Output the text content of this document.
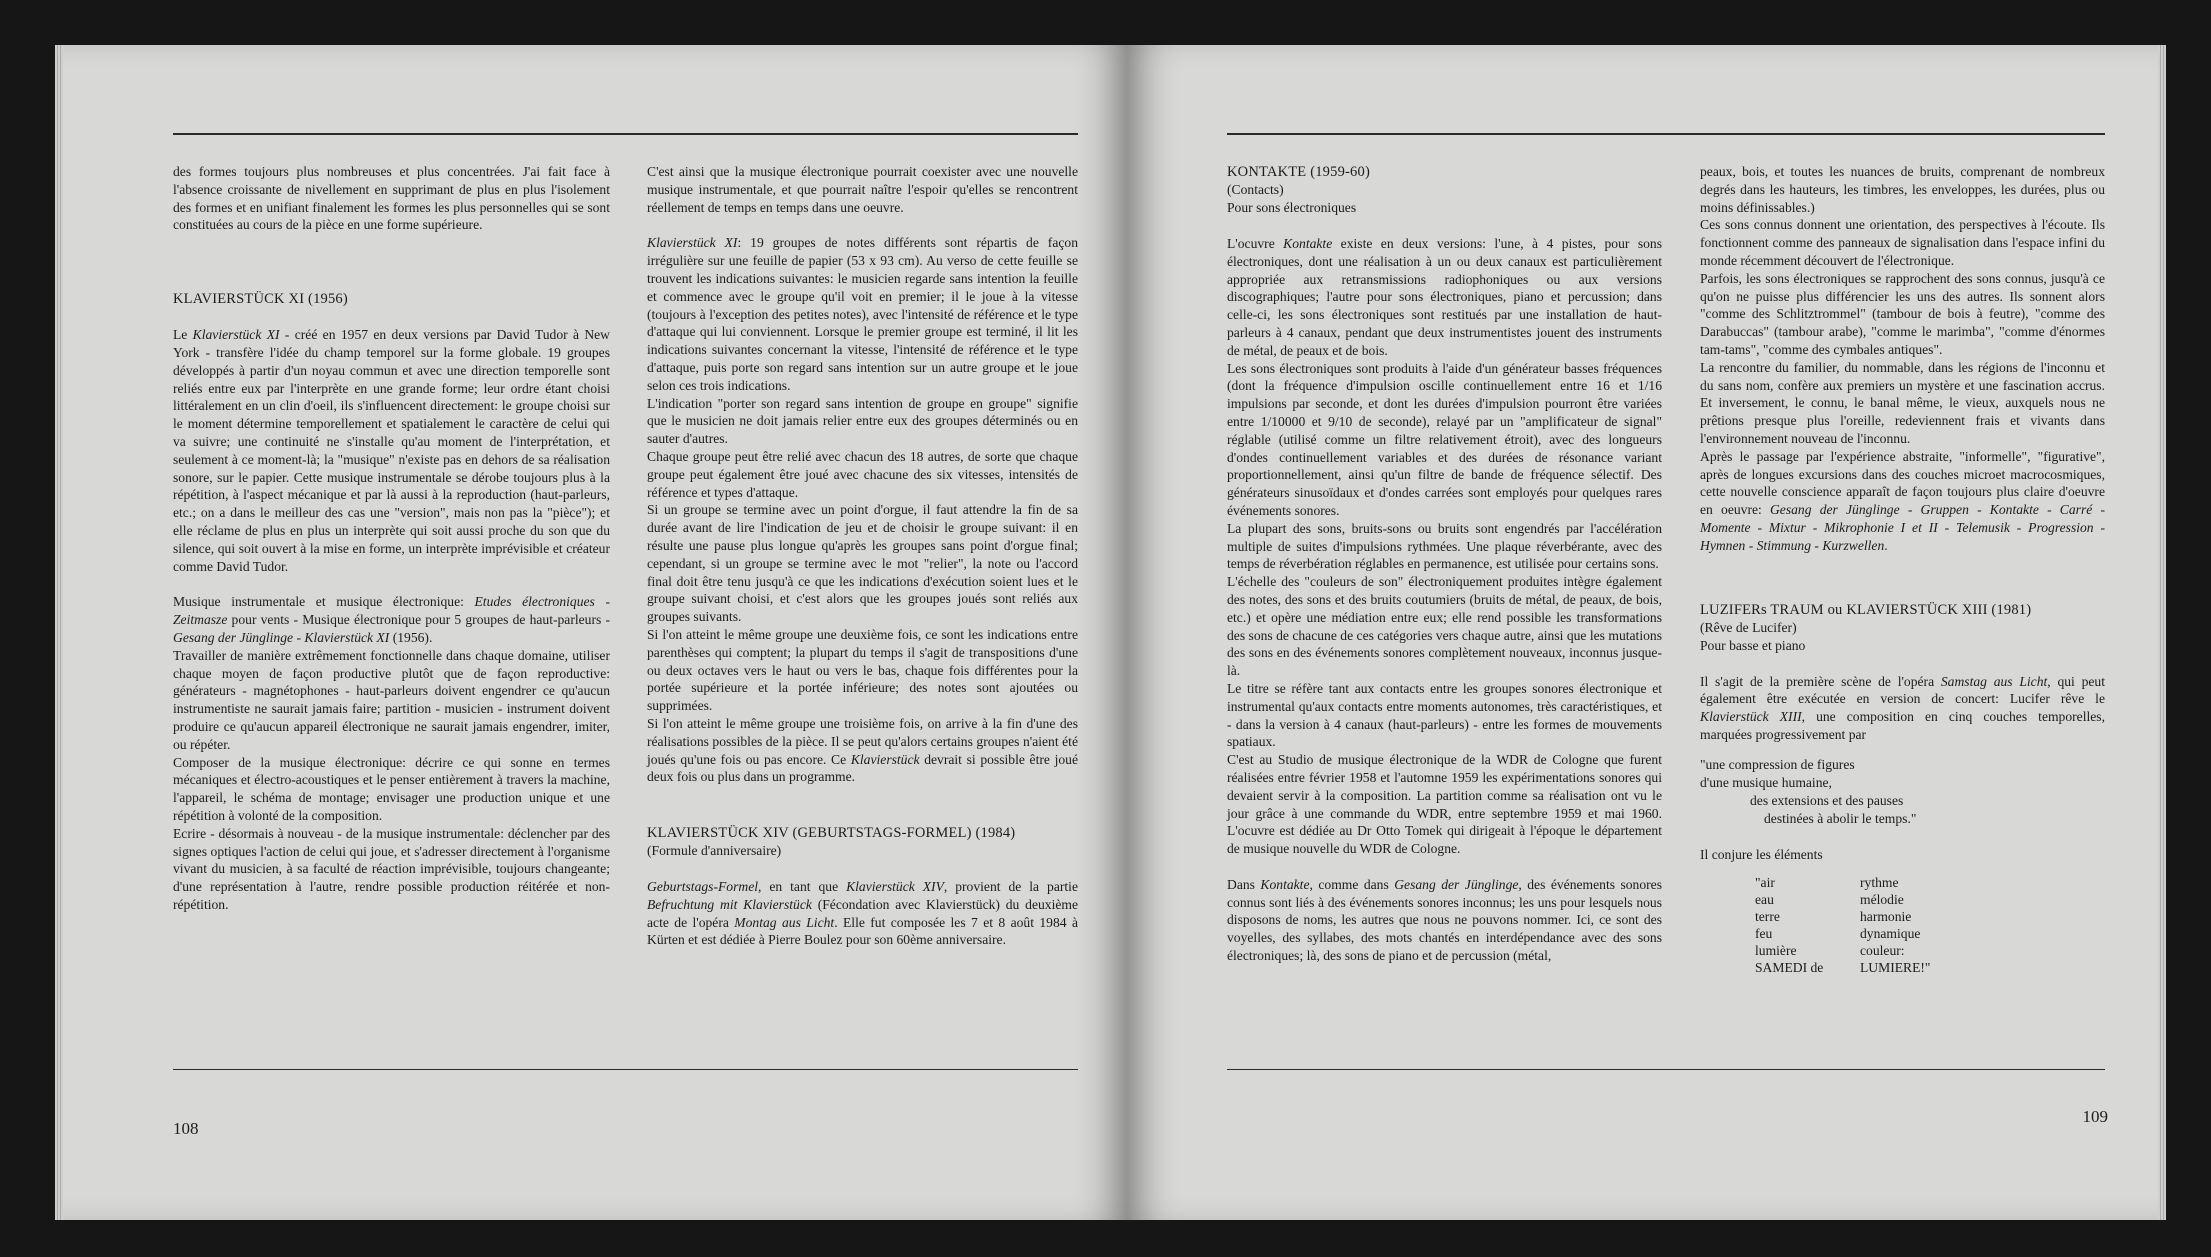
des formes toujours plus nombreuses et plus concentrées. J'ai fait face à l'absence croissante de nivellement en supprimant de plus en plus l'isolement des formes et en unifiant finalement les formes les plus personnelles qui se sont constituées au cours de la pièce en une forme supérieure.

KLAVIERSTÜCK XI (1956)

Le Klavierstück XI - créé en 1957 en deux versions par David Tudor à New York - transfère l'idée du champ temporel sur la forme globale. 19 groupes développés à partir d'un noyau commun et avec une direction temporelle sont reliés entre eux par l'interprète en une grande forme; leur ordre étant choisi littéralement en un clin d'oeil, ils s'influencent directement: le groupe choisi sur le moment détermine temporellement et spatialement le caractère de celui qui va suivre; une continuité ne s'installe qu'au moment de l'interprétation, et seulement à ce moment-là; la "musique" n'existe pas en dehors de sa réalisation sonore, sur le papier. Cette musique instrumentale se dérobe toujours plus à la répétition, à l'aspect mécanique et par là aussi à la reproduction (haut-parleurs, etc.; on a dans le meilleur des cas une "version", mais non pas la "pièce"); et elle réclame de plus en plus un interprète qui soit aussi proche du son que du silence, qui soit ouvert à la mise en forme, un interprète imprévisible et créateur comme David Tudor.

Musique instrumentale et musique électronique: Etudes électroniques - Zeitmasze pour vents - Musique électronique pour 5 groupes de haut-parleurs - Gesang der Jünglinge - Klavierstück XI (1956).

Travailler de manière extrêmement fonctionnelle dans chaque domaine, utiliser chaque moyen de façon productive plutôt que de façon reproductive: générateurs - magnétophones - haut-parleurs doivent engendrer ce qu'aucun instrumentiste ne saurait jamais faire; partition - musicien - instrument doivent produire ce qu'aucun appareil électronique ne saurait jamais engendrer, imiter, ou répéter.

Composer de la musique électronique: décrire ce qui sonne en termes mécaniques et électro-acoustiques et le penser entièrement à travers la machine, l'appareil, le schéma de montage; envisager une production unique et une répétition à volonté de la composition.

Ecrire - désormais à nouveau - de la musique instrumentale: déclencher par des signes optiques l'action de celui qui joue, et s'adresser directement à l'organisme vivant du musicien, à sa faculté de réaction imprévisible, toujours changeante; d'une représentation à l'autre, rendre possible production réitérée et non-répétition.

C'est ainsi que la musique électronique pourrait coexister avec une nouvelle musique instrumentale, et que pourrait naître l'espoir qu'elles se rencontrent réellement de temps en temps dans une oeuvre.

Klavierstück XI: 19 groupes de notes différents sont répartis de façon irrégulière sur une feuille de papier (53 x 93 cm). Au verso de cette feuille se trouvent les indications suivantes: le musicien regarde sans intention la feuille et commence avec le groupe qu'il voit en premier; il le joue à la vitesse (toujours à l'exception des petites notes), avec l'intensité de référence et le type d'attaque qui lui conviennent. Lorsque le premier groupe est terminé, il lit les indications suivantes concernant la vitesse, l'intensité de référence et le type d'attaque, puis porte son regard sans intention sur un autre groupe et le joue selon ces trois indications.

L'indication "porter son regard sans intention de groupe en groupe" signifie que le musicien ne doit jamais relier entre eux des groupes déterminés ou en sauter d'autres.

Chaque groupe peut être relié avec chacun des 18 autres, de sorte que chaque groupe peut également être joué avec chacune des six vitesses, intensités de référence et types d'attaque.

Si un groupe se termine avec un point d'orgue, il faut attendre la fin de sa durée avant de lire l'indication de jeu et de choisir le groupe suivant: il en résulte une pause plus longue qu'après les groupes sans point d'orgue final; cependant, si un groupe se termine avec le mot "relier", la note ou l'accord final doit être tenu jusqu'à ce que les indications d'exécution soient lues et le groupe suivant choisi, et c'est alors que les groupes joués sont reliés aux groupes suivants.

Si l'on atteint le même groupe une deuxième fois, ce sont les indications entre parenthèses qui comptent; la plupart du temps il s'agit de transpositions d'une ou deux octaves vers le haut ou vers le bas, chaque fois différentes pour la portée supérieure et la portée inférieure; des notes sont ajoutées ou supprimées.

Si l'on atteint le même groupe une troisième fois, on arrive à la fin d'une des réalisations possibles de la pièce. Il se peut qu'alors certains groupes n'aient été joués qu'une fois ou pas encore. Ce Klavierstück devrait si possible être joué deux fois ou plus dans un programme.

KLAVIERSTÜCK XIV (GEBURTSTAGS-FORMEL) (1984)

(Formule d'anniversaire)

Geburtstags-Formel, en tant que Klavierstück XIV, provient de la partie Befruchtung mit Klavierstück (Fécondation avec Klavierstück) du deuxième acte de l'opéra Montag aus Licht. Elle fut composée les 7 et 8 août 1984 à Kürten et est dédiée à Pierre Boulez pour son 60ème anniversaire.

108
KONTAKTE (1959-60)

(Contacts)

Pour sons électroniques

L'ocuvre Kontakte existe en deux versions: l'une, à 4 pistes, pour sons électroniques, dont une réalisation à un ou deux canaux est particulièrement appropriée aux retransmissions radiophoniques ou aux versions discographiques; l'autre pour sons électroniques, piano et percussion; dans celle-ci, les sons électroniques sont restitués par une installation de haut-parleurs à 4 canaux, pendant que deux instrumentistes jouent des instruments de métal, de peaux et de bois.

Les sons électroniques sont produits à l'aide d'un générateur basses fréquences (dont la fréquence d'impulsion oscille continuellement entre 16 et 1/16 impulsions par seconde, et dont les durées d'impulsion pourront être variées entre 1/10000 et 9/10 de seconde), relayé par un "amplificateur de signal" réglable (utilisé comme un filtre relativement étroit), avec des longueurs d'ondes continuellement variables et des durées de résonance variant proportionnellement, ainsi qu'un filtre de bande de fréquence sélectif. Des générateurs sinusoïdaux et d'ondes carrées sont employés pour quelques rares événements sonores.

La plupart des sons, bruits-sons ou bruits sont engendrés par l'accélération multiple de suites d'impulsions rythmées. Une plaque réverbérante, avec des temps de réverbération réglables en permanence, est utilisée pour certains sons.

L'échelle des "couleurs de son" électroniquement produites intègre également des notes, des sons et des bruits coutumiers (bruits de métal, de peaux, de bois, etc.) et opère une médiation entre eux; elle rend possible les transformations des sons de chacune de ces catégories vers chaque autre, ainsi que les mutations des sons en des événements sonores complètement nouveaux, inconnus jusque-là.

Le titre se réfère tant aux contacts entre les groupes sonores électronique et instrumental qu'aux contacts entre moments autonomes, très caractéristiques, et - dans la version à 4 canaux (haut-parleurs) - entre les formes de mouvements spatiaux.

C'est au Studio de musique électronique de la WDR de Cologne que furent réalisées entre février 1958 et l'automne 1959 les expérimentations sonores qui devaient servir à la composition. La partition comme sa réalisation ont vu le jour grâce à une commande du WDR, entre septembre 1959 et mai 1960. L'ocuvre est dédiée au Dr Otto Tomek qui dirigeait à l'époque le département de musique nouvelle du WDR de Cologne.

Dans Kontakte, comme dans Gesang der Jünglinge, des événements sonores connus sont liés à des événements sonores inconnus; les uns pour lesquels nous disposons de noms, les autres que nous ne pouvons nommer. Ici, ce sont des voyelles, des syllabes, des mots chantés en interdépendance avec des sons électroniques; là, des sons de piano et de percussion (métal,

peaux, bois, et toutes les nuances de bruits, comprenant de nombreux degrés dans les hauteurs, les timbres, les enveloppes, les durées, plus ou moins définissables.)

Ces sons connus donnent une orientation, des perspectives à l'écoute. Ils fonctionnent comme des panneaux de signalisation dans l'espace infini du monde récemment découvert de l'électronique.

Parfois, les sons électroniques se rapprochent des sons connus, jusqu'à ce qu'on ne puisse plus différencier les uns des autres. Ils sonnent alors "comme des Schlitztrommel" (tambour de bois à feutre), "comme des Darabuccas" (tambour arabe), "comme le marimba", "comme d'énormes tam-tams", "comme des cymbales antiques".

La rencontre du familier, du nommable, dans les régions de l'inconnu et du sans nom, confère aux premiers un mystère et une fascination accrus. Et inversement, le connu, le banal même, le vieux, auxquels nous ne prêtions presque plus l'oreille, redeviennent frais et vivants dans l'environnement nouveau de l'inconnu.

Après le passage par l'expérience abstraite, "informelle", "figurative", après de longues excursions dans des couches microet macrocosmiques, cette nouvelle conscience apparaît de façon toujours plus claire d'oeuvre en oeuvre: Gesang der Jünglinge - Gruppen - Kontakte - Carré - Momente - Mixtur - Mikrophonie I et II - Telemusik - Progression - Hymnen - Stimmung - Kurzwellen.

LUZIFERs TRAUM ou KLAVIERSTÜCK XIII (1981)

(Rêve de Lucifer)

Pour basse et piano

Il s'agit de la première scène de l'opéra Samstag aus Licht, qui peut également être exécutée en version de concert: Lucifer rêve le Klavierstück XIII, une composition en cinq couches temporelles, marquées progressivement par

"une compression de figures

d'une musique humaine,

des extensions et des pauses

destinées à abolir le temps."

Il conjure les éléments

"air	rythme
eau	mélodie
terre	harmonie
feu	dynamique
lumière	couleur:
SAMEDI de	LUMIERE!"
109
